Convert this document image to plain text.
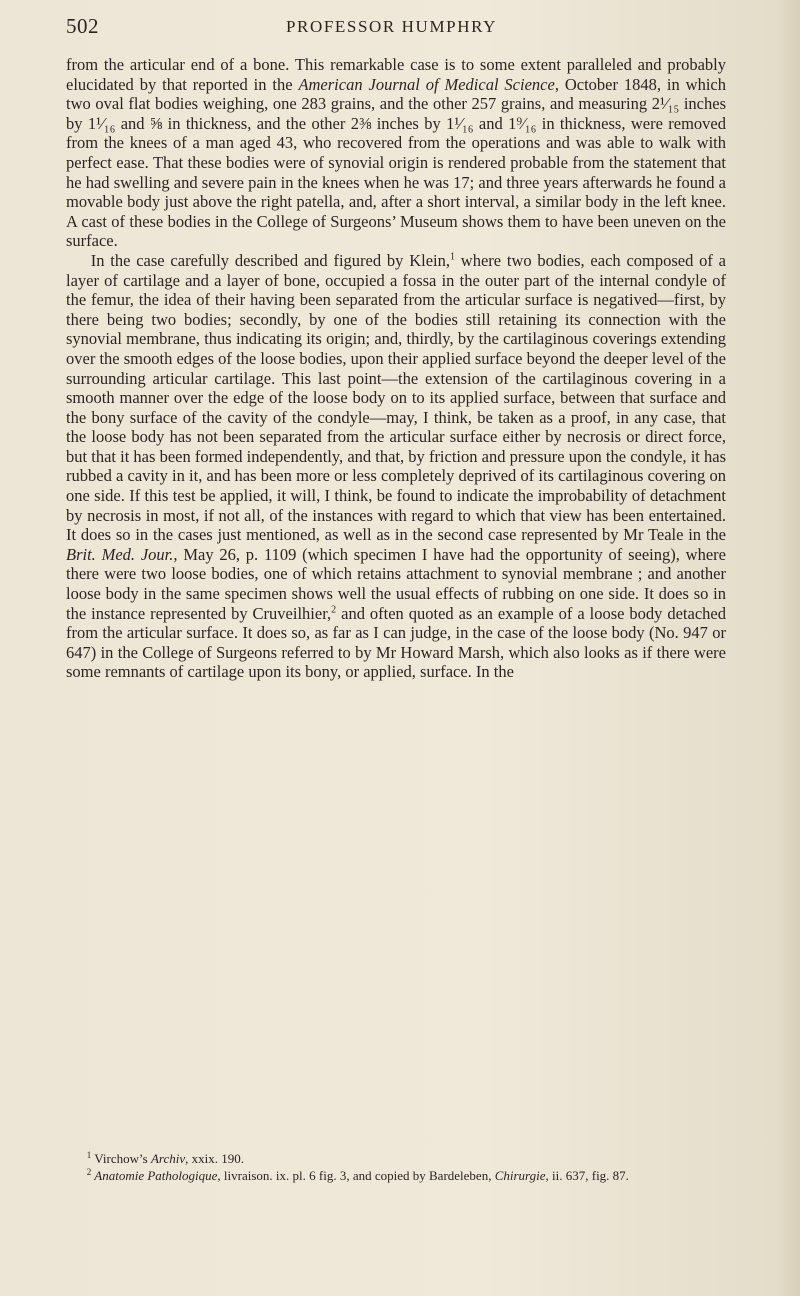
502	PROFESSOR HUMPHRY

from the articular end of a bone. This remarkable case is to some extent paralleled and probably elucidated by that reported in the American Journal of Medical Science, October 1848, in which two oval flat bodies weighing, one 283 grains, and the other 257 grains, and measuring 2¹⁄₁₅ inches by 1¹⁄₁₆ and ⅝ in thickness, and the other 2⅜ inches by 1¹⁄₁₆ and 1⁹⁄₁₆ in thickness, were removed from the knees of a man aged 43, who recovered from the operations and was able to walk with perfect ease. That these bodies were of synovial origin is rendered probable from the statement that he had swelling and severe pain in the knees when he was 17; and three years afterwards he found a movable body just above the right patella, and, after a short interval, a similar body in the left knee. A cast of these bodies in the College of Surgeons’ Museum shows them to have been uneven on the surface.

In the case carefully described and figured by Klein,$^1$ where two bodies, each composed of a layer of cartilage and a layer of bone, occupied a fossa in the outer part of the internal condyle of the femur, the idea of their having been separated from the articular surface is negatived—first, by there being two bodies; secondly, by one of the bodies still retaining its connection with the synovial membrane, thus indicating its origin; and, thirdly, by the cartilaginous coverings extending over the smooth edges of the loose bodies, upon their applied surface beyond the deeper level of the surrounding articular cartilage. This last point—the extension of the cartilaginous covering in a smooth manner over the edge of the loose body on to its applied surface, between that surface and the bony surface of the cavity of the condyle—may, I think, be taken as a proof, in any case, that the loose body has not been separated from the articular surface either by necrosis or direct force, but that it has been formed independently, and that, by friction and pressure upon the condyle, it has rubbed a cavity in it, and has been more or less completely deprived of its cartilaginous covering on one side. If this test be applied, it will, I think, be found to indicate the improbability of detachment by necrosis in most, if not all, of the instances with regard to which that view has been entertained. It does so in the cases just mentioned, as well as in the second case represented by Mr Teale in the Brit. Med. Jour., May 26, p. 1109 (which specimen I have had the opportunity of seeing), where there were two loose bodies, one of which retains attachment to synovial membrane ; and another loose body in the same specimen shows well the usual effects of rubbing on one side. It does so in the instance represented by Cruveilhier,$^2$ and often quoted as an example of a loose body detached from the articular surface. It does so, as far as I can judge, in the case of the loose body (No. 947 or 647) in the College of Surgeons referred to by Mr Howard Marsh, which also looks as if there were some remnants of cartilage upon its bony, or applied, surface. In the

$^1$ Virchow’s Archiv, xxix. 190.

$^2$ Anatomie Pathologique, livraison. ix. pl. 6 fig. 3, and copied by Bardeleben, Chirurgie, ii. 637, fig. 87.
